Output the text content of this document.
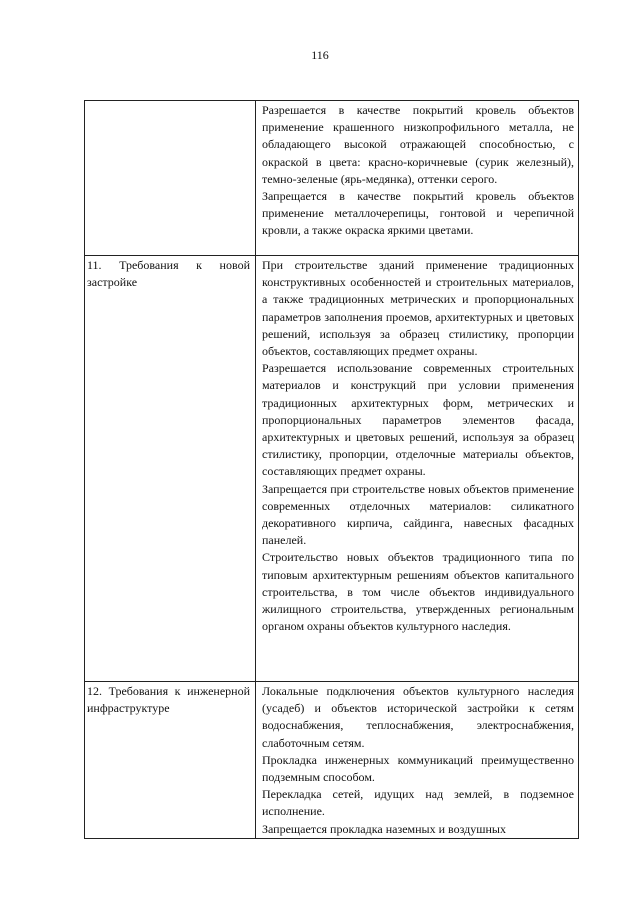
116

	Разрешается в качестве покрытий кровель объектов применение крашенного низкопрофильного металла, не обладающего высокой отражающей способностью, с окраской в цвета: красно-коричневые (сурик железный), темно-зеленые (ярь-медянка), оттенки серого.

Запрещается в качестве покрытий кровель объектов применение металлочерепицы, гонтовой и черепичной кровли, а также окраска яркими цветами.

11. Требования к новой застройке	При строительстве зданий применение традиционных конструктивных особенностей и строительных материалов, а также традиционных метрических и пропорциональных параметров заполнения проемов, архитектурных и цветовых решений, используя за образец стилистику, пропорции объектов, составляющих предмет охраны.

Разрешается использование современных строительных материалов и конструкций при условии применения традиционных архитектурных форм, метрических и пропорциональных параметров элементов фасада, архитектурных и цветовых решений, используя за образец стилистику, пропорции, отделочные материалы объектов, составляющих предмет охраны.

Запрещается при строительстве новых объектов применение современных отделочных материалов: силикатного декоративного кирпича, сайдинга, навесных фасадных панелей.

Строительство новых объектов традиционного типа по типовым архитектурным решениям объектов капитального строительства, в том числе объектов индивидуального жилищного строительства, утвержденных региональным органом охраны объектов культурного наследия.

12. Требования к инженерной инфраструктуре	Локальные подключения объектов культурного наследия (усадеб) и объектов исторической застройки к сетям водоснабжения, теплоснабжения, электроснабжения, слаботочным сетям.

Прокладка инженерных коммуникаций преимущественно подземным способом.

Перекладка сетей, идущих над землей, в подземное исполнение.

Запрещается прокладка наземных и воздушных
